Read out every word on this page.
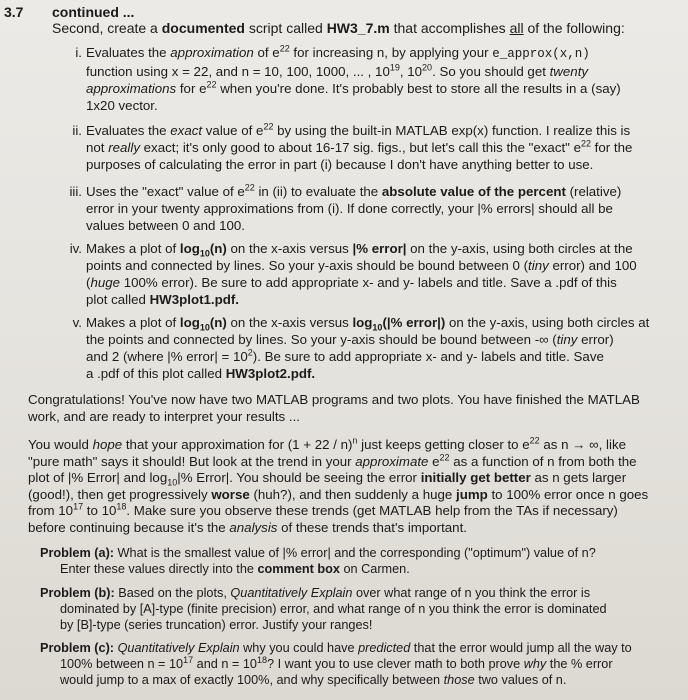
3.7 continued ...
Second, create a documented script called HW3_7.m that accomplishes all of the following:
i. Evaluates the approximation of $e^{22}$ for increasing n, by applying your e_approx(x,n)
function using x = 22, and n = 10, 100, 1000, ... , $10^{19}$, $10^{20}$. So you should get twenty
approximations for $e^{22}$ when you're done. It's probably best to store all the results in a (say)
1x20 vector.
ii. Evaluates the exact value of $e^{22}$ by using the built-in MATLAB exp(x) function. I realize this is
not really exact; it's only good to about 16-17 sig. figs., but let's call this the "exact" $e^{22}$ for the
purposes of calculating the error in part (i) because I don't have anything better to use.
iii. Uses the "exact" value of $e^{22}$ in (ii) to evaluate the absolute value of the percent (relative)
error in your twenty approximations from (i). If done correctly, your |% errors| should all be
values between 0 and 100.
iv. Makes a plot of $\log_{10}(n)$ on the x-axis versus |% error| on the y-axis, using both circles at the
points and connected by lines. So your y-axis should be bound between 0 (tiny error) and 100
(huge 100% error). Be sure to add appropriate x- and y- labels and title. Save a .pdf of this
plot called HW3plot1.pdf.
v. Makes a plot of $\log_{10}(n)$ on the x-axis versus $\log_{10}(|\%$ error|) on the y-axis, using both circles at
the points and connected by lines. So your y-axis should be bound between -∞ (tiny error)
and 2 (where |% error| = $10^2$). Be sure to add appropriate x- and y- labels and title. Save
a .pdf of this plot called HW3plot2.pdf.
Congratulations! You've now have two MATLAB programs and two plots. You have finished the MATLAB
work, and are ready to interpret your results ...
You would hope that your approximation for $(1 + 22 / n)^n$ just keeps getting closer to $e^{22}$ as n → ∞, like
"pure math" says it should! But look at the trend in your approximate $e^{22}$ as a function of n from both the
plot of |% Error| and $\log_{10}|\%$ Error|. You should be seeing the error initially get better as n gets larger
(good!), then get progressively worse (huh?), and then suddenly a huge jump to 100% error once n goes
from $10^{17}$ to $10^{18}$. Make sure you observe these trends (get MATLAB help from the TAs if necessary)
before continuing because it's the analysis of these trends that's important.
Problem (a): What is the smallest value of |% error| and the corresponding ("optimum") value of n?
Enter these values directly into the comment box on Carmen.
Problem (b): Based on the plots, Quantitatively Explain over what range of n you think the error is
dominated by [A]-type (finite precision) error, and what range of n you think the error is dominated
by [B]-type (series truncation) error. Justify your ranges!
Problem (c): Quantitatively Explain why you could have predicted that the error would jump all the way to
100% between $n = 10^{17}$ and $n = 10^{18}$? I want you to use clever math to both prove why the % error
would jump to a max of exactly 100%, and why specifically between those two values of n.
